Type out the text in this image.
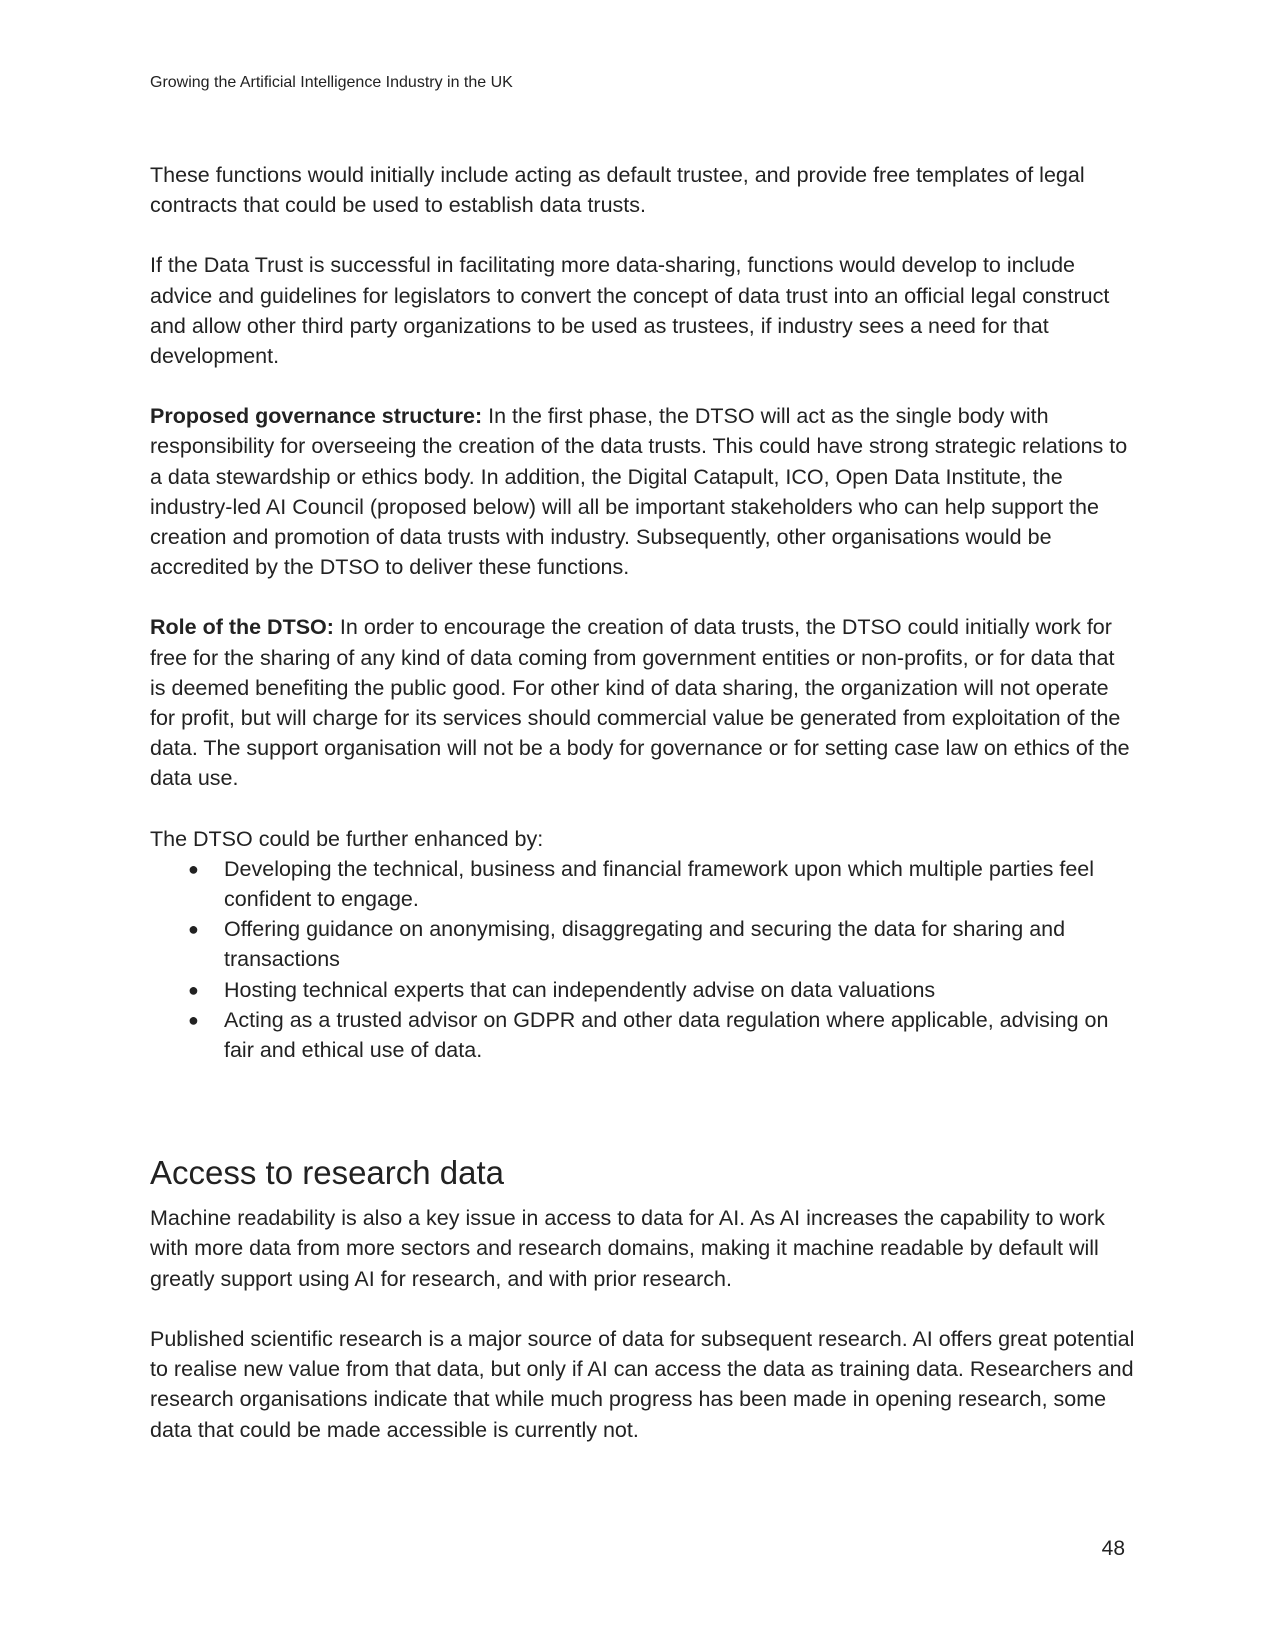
Growing the Artificial Intelligence Industry in the UK

These functions would initially include acting as default trustee, and provide free templates of legal contracts that could be used to establish data trusts.

If the Data Trust is successful in facilitating more data-sharing, functions would develop to include advice and guidelines for legislators to convert the concept of data trust into an official legal construct and allow other third party organizations to be used as trustees, if industry sees a need for that development.

Proposed governance structure: In the first phase, the DTSO will act as the single body with responsibility for overseeing the creation of the data trusts. This could have strong strategic relations to a data stewardship or ethics body. In addition, the Digital Catapult, ICO, Open Data Institute, the industry-led AI Council (proposed below) will all be important stakeholders who can help support the creation and promotion of data trusts with industry. Subsequently, other organisations would be accredited by the DTSO to deliver these functions.

Role of the DTSO: In order to encourage the creation of data trusts, the DTSO could initially work for free for the sharing of any kind of data coming from government entities or non-profits, or for data that is deemed benefiting the public good. For other kind of data sharing, the organization will not operate for profit, but will charge for its services should commercial value be generated from exploitation of the data. The support organisation will not be a body for governance or for setting case law on ethics of the data use.

The DTSO could be further enhanced by:

● Developing the technical, business and financial framework upon which multiple parties feel confident to engage.
● Offering guidance on anonymising, disaggregating and securing the data for sharing and transactions
● Hosting technical experts that can independently advise on data valuations
● Acting as a trusted advisor on GDPR and other data regulation where applicable, advising on fair and ethical use of data.
Access to research data

Machine readability is also a key issue in access to data for AI. As AI increases the capability to work with more data from more sectors and research domains, making it machine readable by default will greatly support using AI for research, and with prior research.

Published scientific research is a major source of data for subsequent research. AI offers great potential to realise new value from that data, but only if AI can access the data as training data. Researchers and research organisations indicate that while much progress has been made in opening research, some data that could be made accessible is currently not.

48
